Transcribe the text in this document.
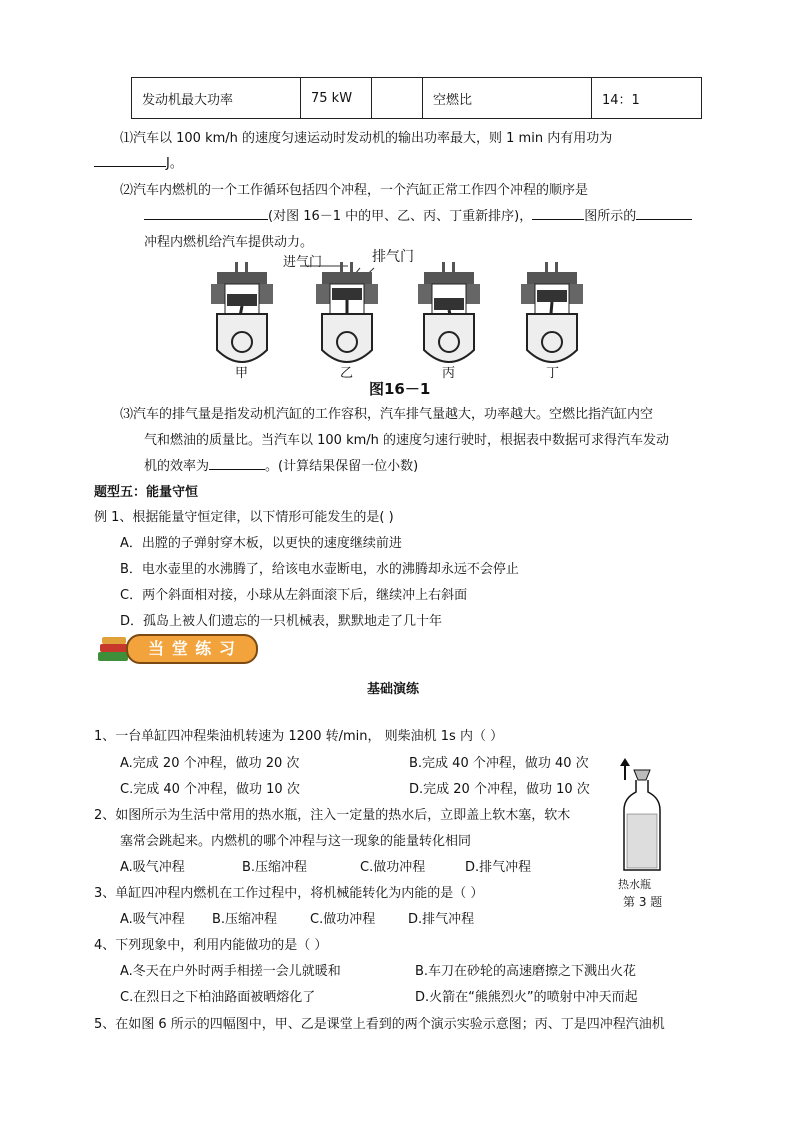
发动机最大功率	75 kW		空燃比	14：1
⑴汽车以 100 km/h 的速度匀速运动时发动机的输出功率最大，则 1 min 内有用功为
J。
⑵汽车内燃机的一个工作循环包括四个冲程，一个汽缸正常工作四个冲程的顺序是
(对图 16－1 中的甲、乙、丙、丁重新排序)，	图所示的
冲程内燃机给汽车提供动力。
进气门	排气门
甲	乙	丙	丁
图16－1
⑶汽车的排气量是指发动机汽缸的工作容积，汽车排气量越大，功率越大。空燃比指汽缸内空
气和燃油的质量比。当汽车以 100 km/h 的速度匀速行驶时，根据表中数据可求得汽车发动
机的效率为	。(计算结果保留一位小数)
题型五：能量守恒
例 1、根据能量守恒定律，以下情形可能发生的是( )
A．出膛的子弹射穿木板，以更快的速度继续前进
B．电水壶里的水沸腾了，给该电水壶断电，水的沸腾却永远不会停止
C．两个斜面相对接，小球从左斜面滚下后，继续冲上右斜面
D．孤岛上被人们遗忘的一只机械表，默默地走了几十年
当 堂 练 习
基础演练
1、一台单缸四冲程柴油机转速为 1200 转/min， 则柴油机 1s 内（ ）
A.完成 20 个冲程，做功 20 次	B.完成 40 个冲程，做功 40 次
C.完成 40 个冲程，做功 10 次	D.完成 20 个冲程，做功 10 次
热水瓶
第 3 题
2、如图所示为生活中常用的热水瓶，注入一定量的热水后，立即盖上软木塞，软木
塞常会跳起来。内燃机的哪个冲程与这一现象的能量转化相同
A.吸气冲程	B.压缩冲程	C.做功冲程	D.排气冲程
3、单缸四冲程内燃机在工作过程中，将机械能转化为内能的是（ ）
A.吸气冲程 B.压缩冲程	C.做功冲程	D.排气冲程
4、下列现象中，利用内能做功的是（ ）
A.冬天在户外时两手相搓一会儿就暖和	B.车刀在砂轮的高速磨擦之下溅出火花
C.在烈日之下柏油路面被晒熔化了	D.火箭在“熊熊烈火”的喷射中冲天而起
5、在如图 6 所示的四幅图中，甲、乙是课堂上看到的两个演示实验示意图；丙、丁是四冲程汽油机
